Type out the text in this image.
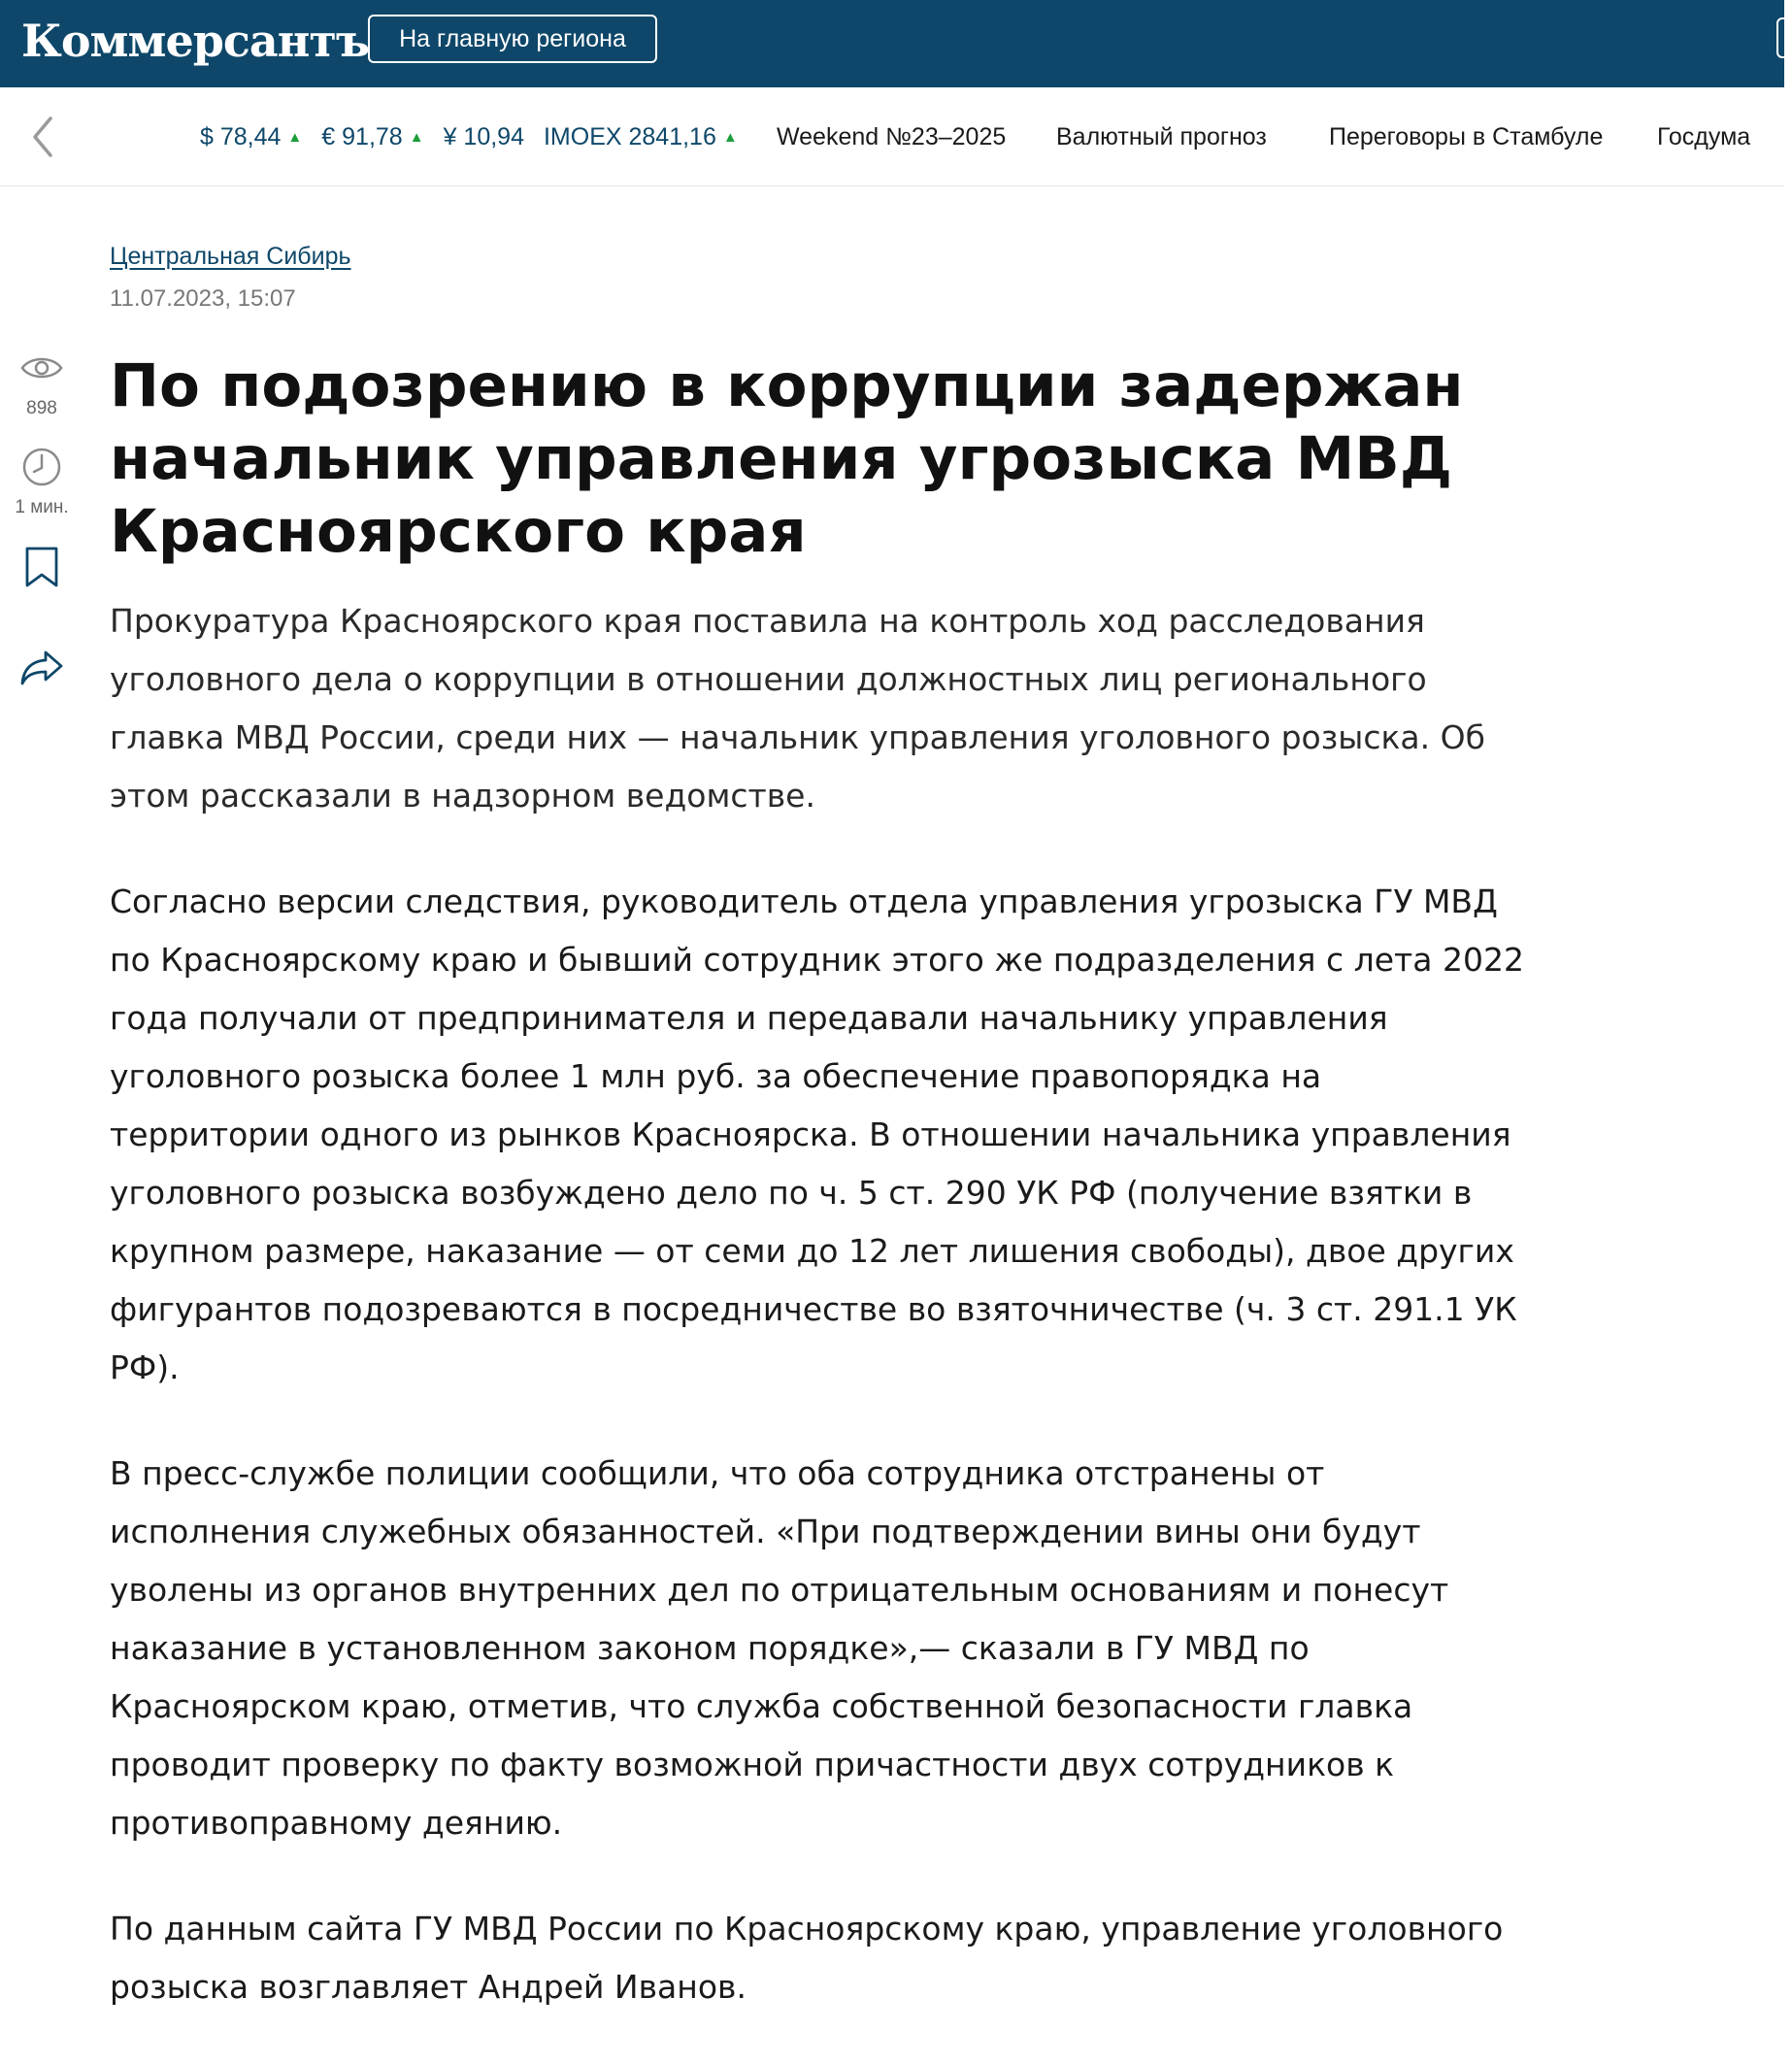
Коммерсантъ	На главную региона
$ 78,44 ▲ € 91,78 ▲ ¥ 10,94 IMOEX 2841,16 ▲ Weekend №23–2025 Валютный прогноз	Переговоры в Стамбуле Госдума
898
1 мин.
Центральная Сибирь
11.07.2023, 15:07
По подозрению в коррупции задержан начальник управления угрозыска МВД Красноярского края

Прокуратура Красноярского края поставила на контроль ход расследования уголовного дела о коррупции в отношении должностных лиц регионального главка МВД России, среди них — начальник управления уголовного розыска. Об этом рассказали в надзорном ведомстве.

Согласно версии следствия, руководитель отдела управления угрозыска ГУ МВД по Красноярскому краю и бывший сотрудник этого же подразделения с лета 2022 года получали от предпринимателя и передавали начальнику управления уголовного розыска более 1 млн руб. за обеспечение правопорядка на территории одного из рынков Красноярска. В отношении начальника управления уголовного розыска возбуждено дело по ч. 5 ст. 290 УК РФ (получение взятки в крупном размере, наказание — от семи до 12 лет лишения свободы), двое других фигурантов подозреваются в посредничестве во взяточничестве (ч. 3 ст. 291.1 УК РФ).

В пресс-службе полиции сообщили, что оба сотрудника отстранены от исполнения служебных обязанностей. «При подтверждении вины они будут уволены из органов внутренних дел по отрицательным основаниям и понесут наказание в установленном законом порядке»,— сказали в ГУ МВД по Красноярском краю, отметив, что служба собственной безопасности главка проводит проверку по факту возможной причастности двух сотрудников к противоправному деянию.

По данным сайта ГУ МВД России по Красноярскому краю, управление уголовного розыска возглавляет Андрей Иванов.
